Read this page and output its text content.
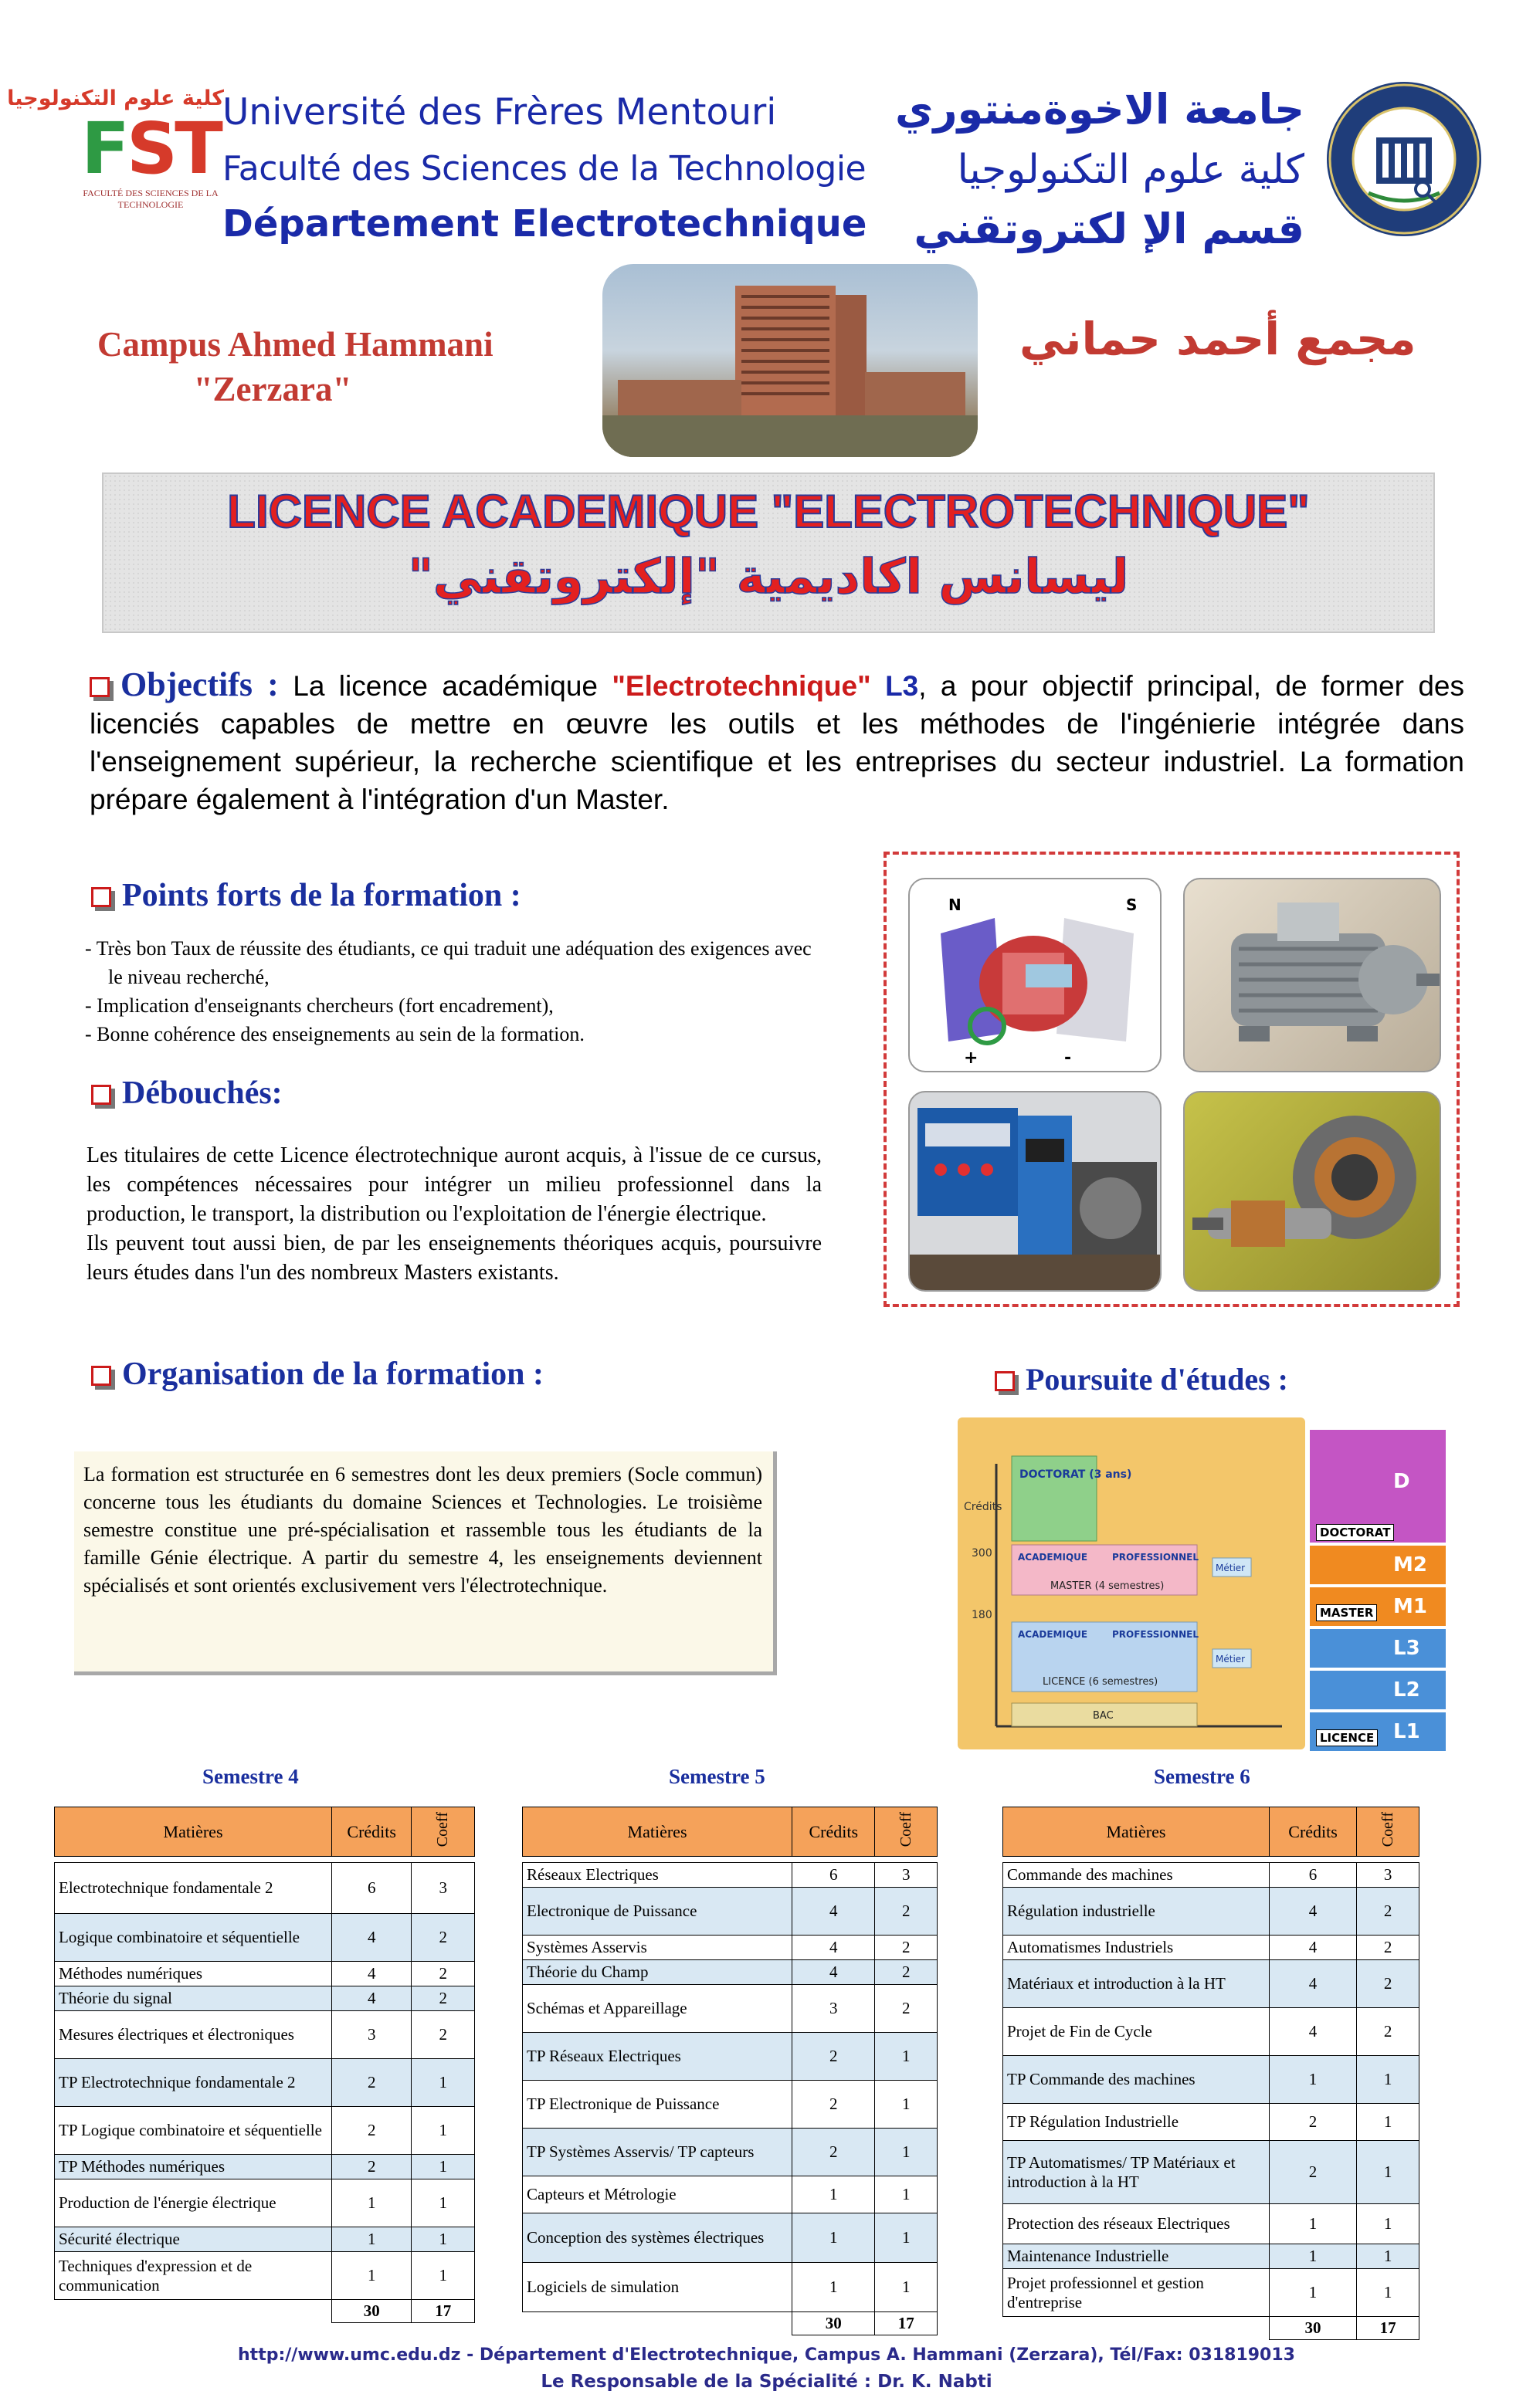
كلية علوم التكنولوجيا
FST
FACULTÉ DES SCIENCES DE LA TECHNOLOGIE
Université des Frères Mentouri
Faculté des Sciences de la Technologie
Département Electrotechnique
جامعة الاخوةمنتوري
كلية علوم التكنولوجيا
قسم الإ لكتروتقني
Campus Ahmed Hammani
"Zerzara"
مجمع أحمد حماني
LICENCE ACADEMIQUE "ELECTROTECHNIQUE"
ليسانس اكاديمية "إلكتروتقني"
Objectifs : La licence académique "Electrotechnique" L3, a pour objectif principal, de former des licenciés capables de mettre en œuvre les outils et les méthodes de l'ingénierie intégrée dans l'enseignement supérieur, la recherche scientifique et les entreprises du secteur industriel. La formation prépare également à l'intégration d'un Master.
Points forts de la formation :
- Très bon Taux de réussite des étudiants, ce qui traduit une adéquation des exigences avec le niveau recherché,
- Implication d'enseignants chercheurs (fort encadrement),
- Bonne cohérence des enseignements au sein de la formation.
Débouchés:
Les titulaires de cette Licence électrotechnique auront acquis, à l'issue de ce cursus, les compétences nécessaires pour intégrer un milieu professionnel dans la production, le transport, la distribution ou l'exploitation de l'énergie électrique.
Ils peuvent tout aussi bien, de par les enseignements théoriques acquis, poursuivre leurs études dans l'un des nombreux Masters existants.
N	S
+	-
Organisation de la formation :
La formation est structurée en 6 semestres dont les deux premiers (Socle commun) concerne tous les étudiants du domaine Sciences et Technologies. Le troisième semestre constitue une pré-spécialisation et rassemble tous les étudiants de la famille Génie électrique. A partir du semestre 4, les enseignements deviennent spécialisés et sont orientés exclusivement vers l'électrotechnique.
Poursuite d'études :
Crédits
300
180
DOCTORAT (3 ans)
ACADEMIQUE	PROFESSIONNEL
MASTER (4 semestres)
Métier
ACADEMIQUE	PROFESSIONNEL
LICENCE (6 semestres)
Métier
BAC
D
DOCTORAT
M2
M1
MASTER
L3
L2
L1
LICENCE
Semestre 4	Semestre 5	Semestre 6
Matières	Crédits	Coeff

Electrotechnique fondamentale 2	6	3
Logique combinatoire et séquentielle	4	2
Méthodes numériques	4	2
Théorie du signal	4	2
Mesures électriques et électroniques	3	2
TP Electrotechnique fondamentale 2	2	1
TP Logique combinatoire et séquentielle	2	1
TP Méthodes numériques	2	1
Production de l'énergie électrique	1	1
Sécurité électrique	1	1
Techniques d'expression et de communication	1	1
	30	17
Matières	Crédits	Coeff

Réseaux Electriques	6	3
Electronique de Puissance	4	2
Systèmes Asservis	4	2
Théorie du Champ	4	2
Schémas et Appareillage	3	2
TP Réseaux Electriques	2	1
TP Electronique de Puissance	2	1
TP Systèmes Asservis/ TP capteurs	2	1
Capteurs et Métrologie	1	1
Conception des systèmes électriques	1	1
Logiciels de simulation	1	1
	30	17
Matières	Crédits	Coeff

Commande des machines	6	3
Régulation industrielle	4	2
Automatismes Industriels	4	2
Matériaux et introduction à la HT	4	2
Projet de Fin de Cycle	4	2
TP Commande des machines	1	1
TP Régulation Industrielle	2	1
TP Automatismes/ TP Matériaux et introduction à la HT	2	1
Protection des réseaux Electriques	1	1
Maintenance Industrielle	1	1
Projet professionnel et gestion d'entreprise	1	1
	30	17
http://www.umc.edu.dz - Département d'Electrotechnique, Campus A. Hammani (Zerzara), Tél/Fax: 031819013
Le Responsable de la Spécialité : Dr. K. Nabti
